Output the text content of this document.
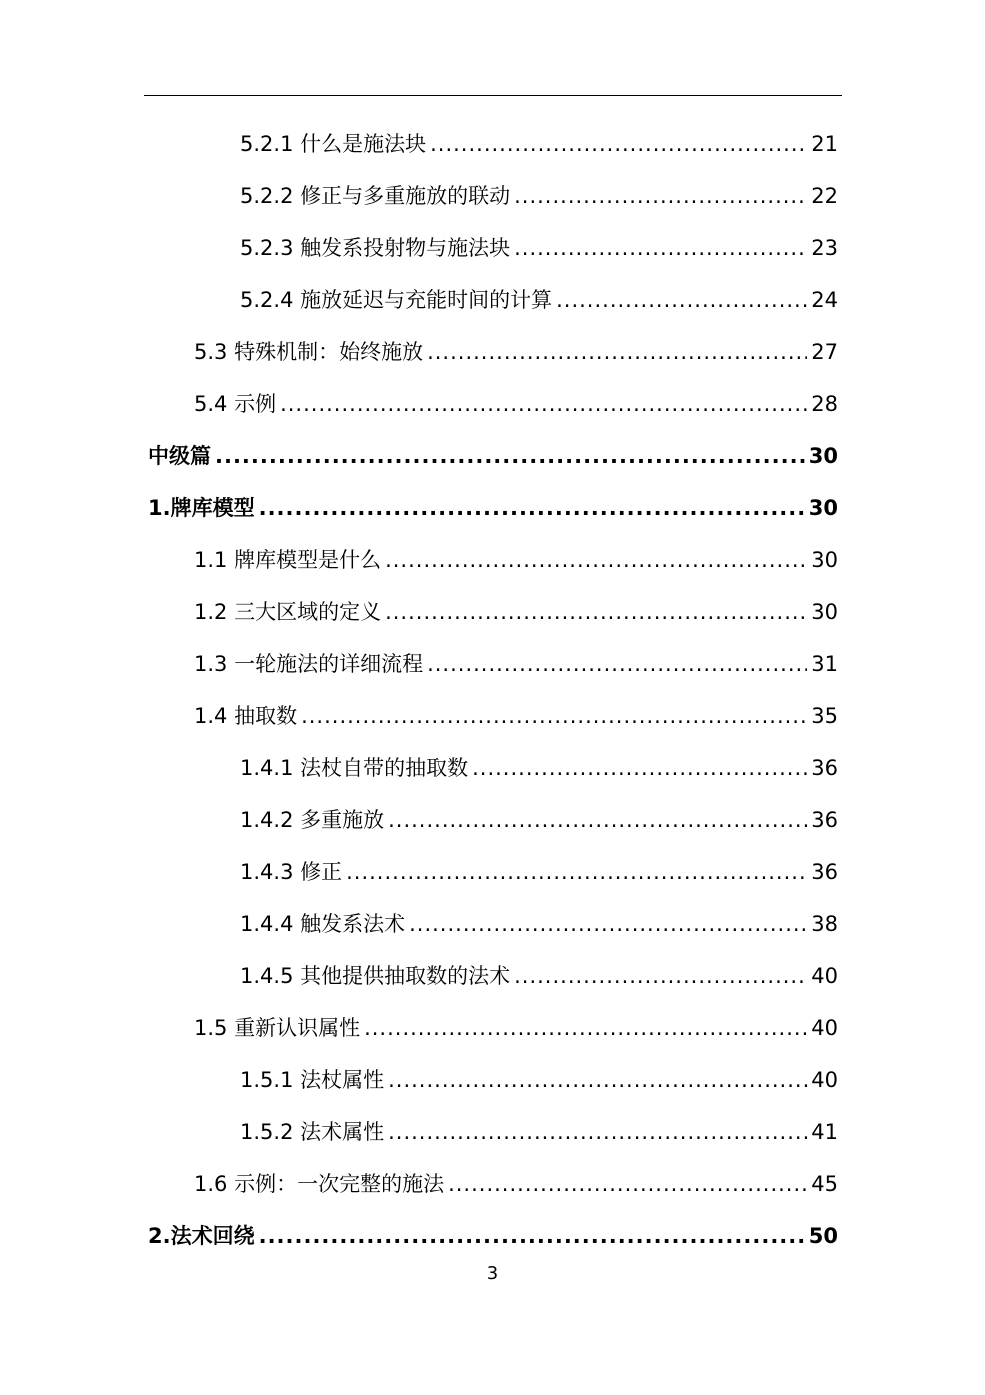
5.2.1 什么是施法块 .....	21
5.2.2 修正与多重施放的联动 .....	22
5.2.3 触发系投射物与施法块 .....	23
5.2.4 施放延迟与充能时间的计算 .....	24
5.3 特殊机制：始终施放 .....	27
5.4 示例 .....	28
中级篇 .....	30
1.牌库模型 .....	30
1.1 牌库模型是什么 .....	30
1.2 三大区域的定义 .....	30
1.3 一轮施法的详细流程 .....	31
1.4 抽取数 .....	35
1.4.1 法杖自带的抽取数 .....	36
1.4.2 多重施放 .....	36
1.4.3 修正 .....	36
1.4.4 触发系法术 .....	38
1.4.5 其他提供抽取数的法术 .....	40
1.5 重新认识属性 .....	40
1.5.1 法杖属性 .....	40
1.5.2 法术属性 .....	41
1.6 示例：一次完整的施法 .....	45
2.法术回绕 .....	50
3
